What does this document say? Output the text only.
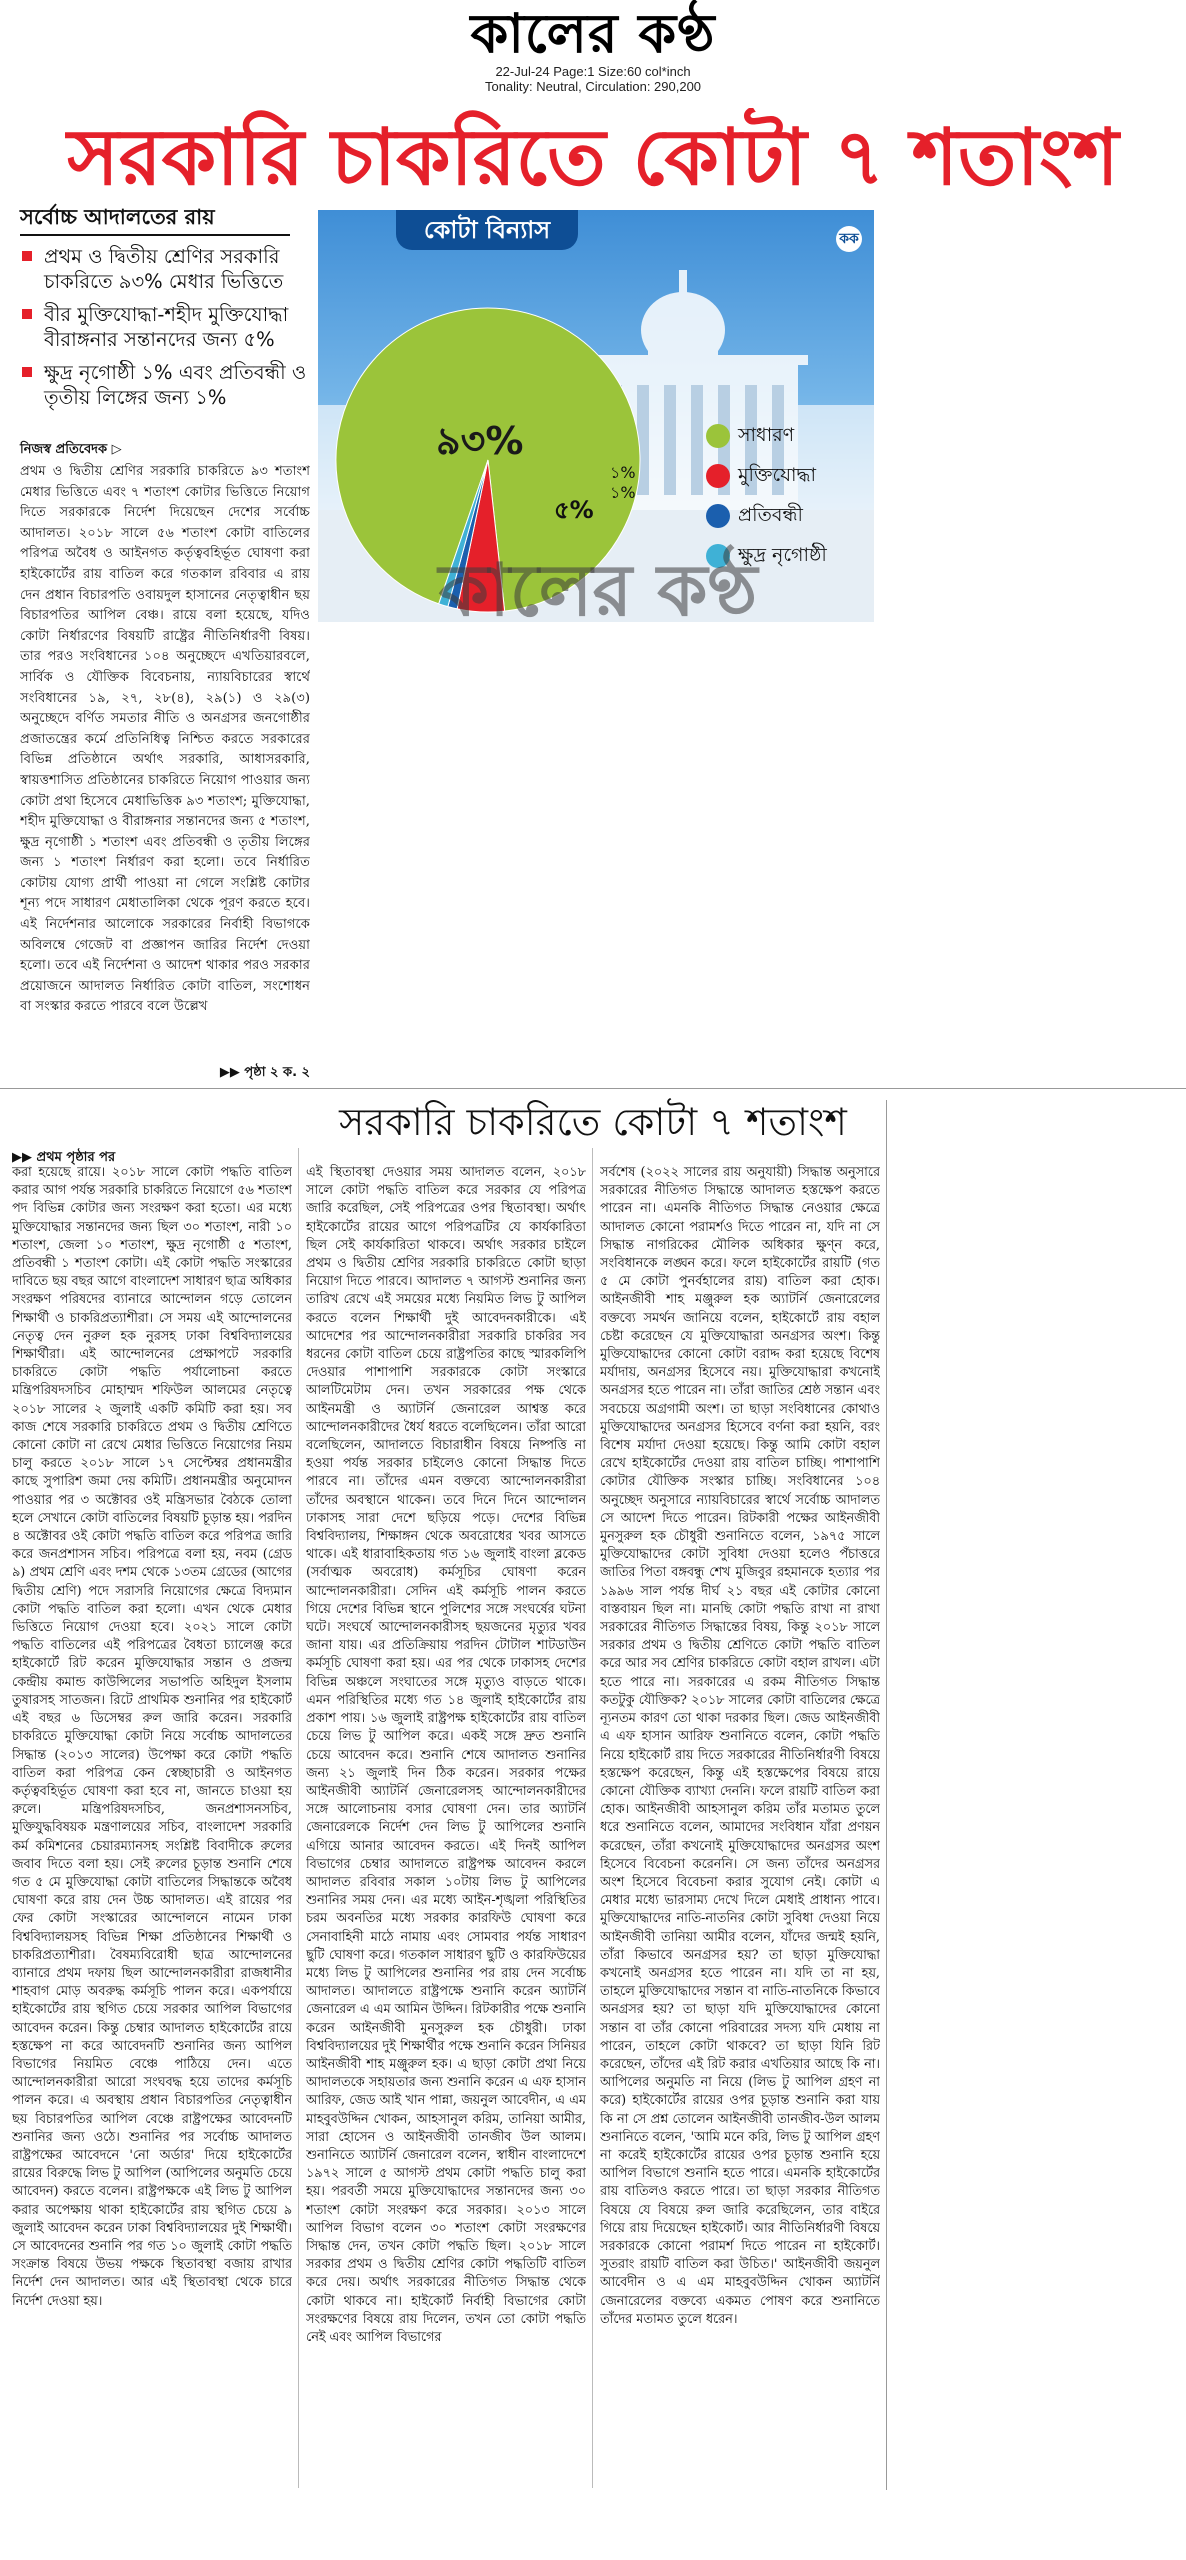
কালের কণ্ঠ
22-Jul-24 Page:1 Size:60 col*inch
Tonality: Neutral, Circulation: 290,200
সরকারি চাকরিতে কোটা ৭ শতাংশ
সর্বোচ্চ আদালতের রায়
প্রথম ও দ্বিতীয় শ্রেণির সরকারি চাকরিতে ৯৩% মেধার ভিত্তিতে
বীর মুক্তিযোদ্ধা-শহীদ মুক্তিযোদ্ধা বীরাঙ্গনার সন্তানদের জন্য ৫%
ক্ষুদ্র নৃগোষ্ঠী ১% এবং প্রতিবন্ধী ও তৃতীয় লিঙ্গের জন্য ১%
নিজস্ব প্রতিবেদক ▷

প্রথম ও দ্বিতীয় শ্রেণির সরকারি চাকরিতে ৯৩ শতাংশ মেধার ভিত্তিতে এবং ৭ শতাংশ কোটার ভিত্তিতে নিয়োগ দিতে সরকারকে নির্দেশ দিয়েছেন দেশের সর্বোচ্চ আদালত। ২০১৮ সালে ৫৬ শতাংশ কোটা বাতিলের পরিপত্র অবৈধ ও আইনগত কর্তৃত্ববহির্ভূত ঘোষণা করা হাইকোর্টের রায় বাতিল করে গতকাল রবিবার এ রায় দেন প্রধান বিচারপতি ওবায়দুল হাসানের নেতৃত্বাধীন ছয় বিচারপতির আপিল বেঞ্চ। রায়ে বলা হয়েছে, যদিও কোটা নির্ধারণের বিষয়টি রাষ্ট্রের নীতিনির্ধারণী বিষয়। তার পরও সংবিধানের ১০৪ অনুচ্ছেদে এখতিয়ারবলে, সার্বিক ও যৌক্তিক বিবেচনায়, ন্যায়বিচারের স্বার্থে সংবিধানের ১৯, ২৭, ২৮(৪), ২৯(১) ও ২৯(৩) অনুচ্ছেদে বর্ণিত সমতার নীতি ও অনগ্রসর জনগোষ্ঠীর প্রজাতন্ত্রের কর্মে প্রতিনিধিত্ব নিশ্চিত করতে সরকারের বিভিন্ন প্রতিষ্ঠানে অর্থাৎ সরকারি, আধাসরকারি, স্বায়ত্তশাসিত প্রতিষ্ঠানের চাকরিতে নিয়োগ পাওয়ার জন্য কোটা প্রথা হিসেবে মেধাভিত্তিক ৯৩ শতাংশ; মুক্তিযোদ্ধা, শহীদ মুক্তিযোদ্ধা ও বীরাঙ্গনার সন্তানদের জন্য ৫ শতাংশ, ক্ষুদ্র নৃগোষ্ঠী ১ শতাংশ এবং প্রতিবন্ধী ও তৃতীয় লিঙ্গের জন্য ১ শতাংশ নির্ধারণ করা হলো। তবে নির্ধারিত কোটায় যোগ্য প্রার্থী পাওয়া না গেলে সংশ্লিষ্ট কোটার শূন্য পদে সাধারণ মেধাতালিকা থেকে পূরণ করতে হবে। এই নির্দেশনার আলোকে সরকারের নির্বাহী বিভাগকে অবিলম্বে গেজেট বা প্রজ্ঞাপন জারির নির্দেশ দেওয়া হলো। তবে এই নির্দেশনা ও আদেশ থাকার পরও সরকার প্রয়োজনে আদালত নির্ধারিত কোটা বাতিল, সংশোধন বা সংস্কার করতে পারবে বলে উল্লেখ

▶▶ পৃষ্ঠা ২ ক. ২
কোটা বিন্যাস	কক
৯৩%
৫%
১%
১%
সাধারণ
মুক্তিযোদ্ধা
প্রতিবন্ধী
ক্ষুদ্র নৃগোষ্ঠী
কালের কণ্ঠ
সরকারি চাকরিতে কোটা ৭ শতাংশ
▶▶ প্রথম পৃষ্ঠার পর

করা হয়েছে রায়ে। ২০১৮ সালে কোটা পদ্ধতি বাতিল করার আগ পর্যন্ত সরকারি চাকরিতে নিয়োগে ৫৬ শতাংশ পদ বিভিন্ন কোটার জন্য সংরক্ষণ করা হতো। এর মধ্যে মুক্তিযোদ্ধার সন্তানদের জন্য ছিল ৩০ শতাংশ, নারী ১০ শতাংশ, জেলা ১০ শতাংশ, ক্ষুদ্র নৃগোষ্ঠী ৫ শতাংশ, প্রতিবন্ধী ১ শতাংশ কোটা। এই কোটা পদ্ধতি সংস্কারের দাবিতে ছয় বছর আগে বাংলাদেশ সাধারণ ছাত্র অধিকার সংরক্ষণ পরিষদের ব্যানারে আন্দোলন গড়ে তোলেন শিক্ষার্থী ও চাকরিপ্রত্যাশীরা। সে সময় এই আন্দোলনের নেতৃত্ব দেন নুরুল হক নুরসহ ঢাকা বিশ্ববিদ্যালয়ের শিক্ষার্থীরা। এই আন্দোলনের প্রেক্ষাপটে সরকারি চাকরিতে কোটা পদ্ধতি পর্যালোচনা করতে মন্ত্রিপরিষদসচিব মোহাম্মদ শফিউল আলমের নেতৃত্বে ২০১৮ সালের ২ জুলাই একটি কমিটি করা হয়। সব কাজ শেষে সরকারি চাকরিতে প্রথম ও দ্বিতীয় শ্রেণিতে কোনো কোটা না রেখে মেধার ভিত্তিতে নিয়োগের নিয়ম চালু করতে ২০১৮ সালে ১৭ সেপ্টেম্বর প্রধানমন্ত্রীর কাছে সুপারিশ জমা দেয় কমিটি। প্রধানমন্ত্রীর অনুমোদন পাওয়ার পর ৩ অক্টোবর ওই মন্ত্রিসভার বৈঠকে তোলা হলে সেখানে কোটা বাতিলের বিষয়টি চূড়ান্ত হয়। পরদিন ৪ অক্টোবর ওই কোটা পদ্ধতি বাতিল করে পরিপত্র জারি করে জনপ্রশাসন সচিব। পরিপত্রে বলা হয়, নবম (গ্রেড ৯) প্রথম শ্রেণি এবং দশম থেকে ১৩তম গ্রেডের (আগের দ্বিতীয় শ্রেণি) পদে সরাসরি নিয়োগের ক্ষেত্রে বিদ্যমান কোটা পদ্ধতি বাতিল করা হলো। এখন থেকে মেধার ভিত্তিতে নিয়োগ দেওয়া হবে। ২০২১ সালে কোটা পদ্ধতি বাতিলের এই পরিপত্রের বৈধতা চ্যালেঞ্জ করে হাইকোর্টে রিট করেন মুক্তিযোদ্ধার সন্তান ও প্রজন্ম কেন্দ্রীয় কমান্ড কাউন্সিলের সভাপতি অহিদুল ইসলাম তুষারসহ সাতজন। রিটে প্রাথমিক শুনানির পর হাইকোর্ট এই বছর ৬ ডিসেম্বর রুল জারি করেন। সরকারি চাকরিতে মুক্তিযোদ্ধা কোটা নিয়ে সর্বোচ্চ আদালতের সিদ্ধান্ত (২০১৩ সালের) উপেক্ষা করে কোটা পদ্ধতি বাতিল করা পরিপত্র কেন স্বেচ্ছাচারী ও আইনগত কর্তৃত্ববহির্ভূত ঘোষণা করা হবে না, জানতে চাওয়া হয় রুলে। মন্ত্রিপরিষদসচিব, জনপ্রশাসনসচিব, মুক্তিযুদ্ধবিষয়ক মন্ত্রণালয়ের সচিব, বাংলাদেশ সরকারি কর্ম কমিশনের চেয়ারম্যানসহ সংশ্লিষ্ট বিবাদীকে রুলের জবাব দিতে বলা হয়। সেই রুলের চূড়ান্ত শুনানি শেষে গত ৫ মে মুক্তিযোদ্ধা কোটা বাতিলের সিদ্ধান্তকে অবৈধ ঘোষণা করে রায় দেন উচ্চ আদালত। এই রায়ের পর ফের কোটা সংস্কারের আন্দোলনে নামেন ঢাকা বিশ্ববিদ্যালয়সহ বিভিন্ন শিক্ষা প্রতিষ্ঠানের শিক্ষার্থী ও চাকরিপ্রত্যাশীরা। বৈষম্যবিরোধী ছাত্র আন্দোলনের ব্যানারে প্রথম দফায় ছিল আন্দোলনকারীরা রাজধানীর শাহবাগ মোড় অবরুদ্ধ কর্মসূচি পালন করে। একপর্যায়ে হাইকোর্টের রায় স্থগিত চেয়ে সরকার আপিল বিভাগের আবেদন করেন। কিন্তু চেম্বার আদালত হাইকোর্টের রায়ে হস্তক্ষেপ না করে আবেদনটি শুনানির জন্য আপিল বিভাগের নিয়মিত বেঞ্চে পাঠিয়ে দেন। এতে আন্দোলনকারীরা আরো সংঘবদ্ধ হয়ে তাদের কর্মসূচি পালন করে। এ অবস্থায় প্রধান বিচারপতির নেতৃত্বাধীন ছয় বিচারপতির আপিল বেঞ্চে রাষ্ট্রপক্ষের আবেদনটি শুনানির জন্য ওঠে। শুনানির পর সর্বোচ্চ আদালত রাষ্ট্রপক্ষের আবেদনে 'নো অর্ডার' দিয়ে হাইকোর্টের রায়ের বিরুদ্ধে লিভ টু আপিল (আপিলের অনুমতি চেয়ে আবেদন) করতে বলেন। রাষ্ট্রপক্ষকে এই লিভ টু আপিল করার অপেক্ষায় থাকা হাইকোর্টের রায় স্থগিত চেয়ে ৯ জুলাই আবেদন করেন ঢাকা বিশ্ববিদ্যালয়ের দুই শিক্ষার্থী। সে আবেদনের শুনানি পর গত ১০ জুলাই কোটা পদ্ধতি সংক্রান্ত বিষয়ে উভয় পক্ষকে স্থিতাবস্থা বজায় রাখার নির্দেশ দেন আদালত। আর এই স্থিতাবস্থা থেকে চারে নির্দেশ দেওয়া হয়।

এই স্থিতাবস্থা দেওয়ার সময় আদালত বলেন, ২০১৮ সালে কোটা পদ্ধতি বাতিল করে সরকার যে পরিপত্র জারি করেছিল, সেই পরিপত্রের ওপর স্থিতাবস্থা। অর্থাৎ হাইকোর্টের রায়ের আগে পরিপত্রটির যে কার্যকারিতা ছিল সেই কার্যকারিতা থাকবে। অর্থাৎ সরকার চাইলে প্রথম ও দ্বিতীয় শ্রেণির সরকারি চাকরিতে কোটা ছাড়া নিয়োগ দিতে পারবে। আদালত ৭ আগস্ট শুনানির জন্য তারিখ রেখে এই সময়ের মধ্যে নিয়মিত লিভ টু আপিল করতে বলেন শিক্ষার্থী দুই আবেদনকারীকে। এই আদেশের পর আন্দোলনকারীরা সরকারি চাকরির সব ধরনের কোটা বাতিল চেয়ে রাষ্ট্রপতির কাছে স্মারকলিপি দেওয়ার পাশাপাশি সরকারকে কোটা সংস্কারে আলটিমেটাম দেন। তখন সরকারের পক্ষ থেকে আইনমন্ত্রী ও অ্যাটর্নি জেনারেল আশ্বস্ত করে আন্দোলনকারীদের ধৈর্য ধরতে বলেছিলেন। তাঁরা আরো বলেছিলেন, আদালতে বিচারাধীন বিষয়ে নিষ্পত্তি না হওয়া পর্যন্ত সরকার চাইলেও কোনো সিদ্ধান্ত দিতে পারবে না। তাঁদের এমন বক্তব্যে আন্দোলনকারীরা তাঁদের অবস্থানে থাকেন। তবে দিনে দিনে আন্দোলন ঢাকাসহ সারা দেশে ছড়িয়ে পড়ে। দেশের বিভিন্ন বিশ্ববিদ্যালয়, শিক্ষাঙ্গন থেকে অবরোধের খবর আসতে থাকে। এই ধারাবাহিকতায় গত ১৬ জুলাই বাংলা ব্লকেড (সর্বাত্মক অবরোধ) কর্মসূচির ঘোষণা করেন আন্দোলনকারীরা। সেদিন এই কর্মসূচি পালন করতে গিয়ে দেশের বিভিন্ন স্থানে পুলিশের সঙ্গে সংঘর্ষের ঘটনা ঘটে। সংঘর্ষে আন্দোলনকারীসহ ছয়জনের মৃত্যুর খবর জানা যায়। এর প্রতিক্রিয়ায় পরদিন টোটাল শাটডাউন কর্মসূচি ঘোষণা করা হয়। এর পর থেকে ঢাকাসহ দেশের বিভিন্ন অঞ্চলে সংঘাতের সঙ্গে মৃত্যুও বাড়তে থাকে। এমন পরিস্থিতির মধ্যে গত ১৪ জুলাই হাইকোর্টের রায় প্রকাশ পায়। ১৬ জুলাই রাষ্ট্রপক্ষ হাইকোর্টের রায় বাতিল চেয়ে লিভ টু আপিল করে। একই সঙ্গে দ্রুত শুনানি চেয়ে আবেদন করে। শুনানি শেষে আদালত শুনানির জন্য ২১ জুলাই দিন ঠিক করেন। সরকার পক্ষের আইনজীবী অ্যাটর্নি জেনারেলসহ আন্দোলনকারীদের সঙ্গে আলোচনায় বসার ঘোষণা দেন। তার অ্যাটর্নি জেনারেলকে নির্দেশ দেন লিভ টু আপিলের শুনানি এগিয়ে আনার আবেদন করতে। এই দিনই আপিল বিভাগের চেম্বার আদালতে রাষ্ট্রপক্ষ আবেদন করলে আদালত রবিবার সকাল ১০টায় লিভ টু আপিলের শুনানির সময় দেন। এর মধ্যে আইন-শৃঙ্খলা পরিস্থিতির চরম অবনতির মধ্যে সরকার কারফিউ ঘোষণা করে সেনাবাহিনী মাঠে নামায় এবং সোমবার পর্যন্ত সাধারণ ছুটি ঘোষণা করে। গতকাল সাধারণ ছুটি ও কারফিউয়ের মধ্যে লিভ টু আপিলের শুনানির পর রায় দেন সর্বোচ্চ আদালত। আদালতে রাষ্ট্রপক্ষে শুনানি করেন অ্যাটর্নি জেনারেল এ এম আমিন উদ্দিন। রিটকারীর পক্ষে শুনানি করেন আইনজীবী মুনসুরুল হক চৌধুরী। ঢাকা বিশ্ববিদ্যালয়ের দুই শিক্ষার্থীর পক্ষে শুনানি করেন সিনিয়র আইনজীবী শাহ মঞ্জুরুল হক। এ ছাড়া কোটা প্রথা নিয়ে আদালতকে সহায়তার জন্য শুনানি করেন এ এফ হাসান আরিফ, জেড আই খান পান্না, জয়নুল আবেদীন, এ এম মাহবুবউদ্দিন খোকন, আহসানুল করিম, তানিয়া আমীর, সারা হোসেন ও আইনজীবী তানজীব উল আলম। শুনানিতে অ্যাটর্নি জেনারেল বলেন, স্বাধীন বাংলাদেশে ১৯৭২ সালে ৫ আগস্ট প্রথম কোটা পদ্ধতি চালু করা হয়। পরবর্তী সময়ে মুক্তিযোদ্ধাদের সন্তানদের জন্য ৩০ শতাংশ কোটা সংরক্ষণ করে সরকার। ২০১৩ সালে আপিল বিভাগ বলেন ৩০ শতাংশ কোটা সংরক্ষণের সিদ্ধান্ত দেন, তখন কোটা পদ্ধতি ছিল। ২০১৮ সালে সরকার প্রথম ও দ্বিতীয় শ্রেণির কোটা পদ্ধতিটি বাতিল করে দেয়। অর্থাৎ সরকারের নীতিগত সিদ্ধান্ত থেকে কোটা থাকবে না। হাইকোর্ট নির্বাহী বিভাগের কোটা সংরক্ষণের বিষয়ে রায় দিলেন, তখন তো কোটা পদ্ধতি নেই এবং আপিল বিভাগের

সর্বশেষ (২০২২ সালের রায় অনুযায়ী) সিদ্ধান্ত অনুসারে সরকারের নীতিগত সিদ্ধান্তে আদালত হস্তক্ষেপ করতে পারেন না। এমনকি নীতিগত সিদ্ধান্ত নেওয়ার ক্ষেত্রে আদালত কোনো পরামর্শও দিতে পারেন না, যদি না সে সিদ্ধান্ত নাগরিকের মৌলিক অধিকার ক্ষুণ্ন করে, সংবিধানকে লঙ্ঘন করে। ফলে হাইকোর্টের রায়টি (গত ৫ মে কোটা পুনর্বহালের রায়) বাতিল করা হোক। আইনজীবী শাহ মঞ্জুরুল হক অ্যাটর্নি জেনারেলের বক্তব্যে সমর্থন জানিয়ে বলেন, হাইকোর্টে রায় বহাল চেষ্টা করেছেন যে মুক্তিযোদ্ধারা অনগ্রসর অংশ। কিন্তু মুক্তিযোদ্ধাদের কোনো কোটা বরাদ্দ করা হয়েছে বিশেষ মর্যাদায়, অনগ্রসর হিসেবে নয়। মুক্তিযোদ্ধারা কখনোই অনগ্রসর হতে পারেন না। তাঁরা জাতির শ্রেষ্ঠ সন্তান এবং সবচেয়ে অগ্রগামী অংশ। তা ছাড়া সংবিধানের কোথাও মুক্তিযোদ্ধাদের অনগ্রসর হিসেবে বর্ণনা করা হয়নি, বরং বিশেষ মর্যাদা দেওয়া হয়েছে। কিন্তু আমি কোটা বহাল রেখে হাইকোর্টের দেওয়া রায় বাতিল চাচ্ছি। পাশাপাশি কোটার যৌক্তিক সংস্কার চাচ্ছি। সংবিধানের ১০৪ অনুচ্ছেদ অনুসারে ন্যায়বিচারের স্বার্থে সর্বোচ্চ আদালত সে আদেশ দিতে পারেন। রিটকারী পক্ষের আইনজীবী মুনসুরুল হক চৌধুরী শুনানিতে বলেন, ১৯৭৫ সালে মুক্তিযোদ্ধাদের কোটা সুবিধা দেওয়া হলেও পঁচাত্তরে জাতির পিতা বঙ্গবন্ধু শেখ মুজিবুর রহমানকে হত্যার পর ১৯৯৬ সাল পর্যন্ত দীর্ঘ ২১ বছর এই কোটার কোনো বাস্তবায়ন ছিল না। মানছি কোটা পদ্ধতি রাখা না রাখা সরকারের নীতিগত সিদ্ধান্তের বিষয়, কিন্তু ২০১৮ সালে সরকার প্রথম ও দ্বিতীয় শ্রেণিতে কোটা পদ্ধতি বাতিল করে আর সব শ্রেণির চাকরিতে কোটা বহাল রাখল। এটা হতে পারে না। সরকারের এ রকম নীতিগত সিদ্ধান্ত কতটুকু যৌক্তিক? ২০১৮ সালের কোটা বাতিলের ক্ষেত্রে ন্যূনতম কারণ তো থাকা দরকার ছিল। জেড আইনজীবী এ এফ হাসান আরিফ শুনানিতে বলেন, কোটা পদ্ধতি নিয়ে হাইকোর্ট রায় দিতে সরকারের নীতিনির্ধারণী বিষয়ে হস্তক্ষেপ করেছেন, কিন্তু এই হস্তক্ষেপের বিষয়ে রায়ে কোনো যৌক্তিক ব্যাখ্যা দেননি। ফলে রায়টি বাতিল করা হোক। আইনজীবী আহসানুল করিম তাঁর মতামত তুলে ধরে শুনানিতে বলেন, আমাদের সংবিধান যাঁরা প্রণয়ন করেছেন, তাঁরা কখনোই মুক্তিযোদ্ধাদের অনগ্রসর অংশ হিসেবে বিবেচনা করেননি। সে জন্য তাঁদের অনগ্রসর অংশ হিসেবে বিবেচনা করার সুযোগ নেই। কোটা এ মেধার মধ্যে ভারসাম্য দেখে দিলে মেধাই প্রাধান্য পাবে। মুক্তিযোদ্ধাদের নাতি-নাতনির কোটা সুবিধা দেওয়া নিয়ে আইনজীবী তানিয়া আমীর বলেন, যাঁদের জন্মই হয়নি, তাঁরা কিভাবে অনগ্রসর হয়? তা ছাড়া মুক্তিযোদ্ধা কখনোই অনগ্রসর হতে পারেন না। যদি তা না হয়, তাহলে মুক্তিযোদ্ধাদের সন্তান বা নাতি-নাতনিকে কিভাবে অনগ্রসর হয়? তা ছাড়া যদি মুক্তিযোদ্ধাদের কোনো সন্তান বা তাঁর কোনো পরিবারের সদস্য যদি মেধায় না পারেন, তাহলে কোটা থাকবে? তা ছাড়া যিনি রিট করেছেন, তাঁদের এই রিট করার এখতিয়ার আছে কি না। আপিলের অনুমতি না নিয়ে (লিভ টু আপিল গ্রহণ না করে) হাইকোর্টের রায়ের ওপর চূড়ান্ত শুনানি করা যায় কি না সে প্রশ্ন তোলেন আইনজীবী তানজীব-উল আলম শুনানিতে বলেন, 'আমি মনে করি, লিভ টু আপিল গ্রহণ না করেই হাইকোর্টের রায়ের ওপর চূড়ান্ত শুনানি হয়ে আপিল বিভাগে শুনানি হতে পারে। এমনকি হাইকোর্টের রায় বাতিলও করতে পারে। তা ছাড়া সরকার নীতিগত বিষয়ে যে বিষয়ে রুল জারি করেছিলেন, তার বাইরে গিয়ে রায় দিয়েছেন হাইকোর্ট। আর নীতিনির্ধারণী বিষয়ে সরকারকে কোনো পরামর্শ দিতে পারেন না হাইকোর্ট। সুতরাং রায়টি বাতিল করা উচিত।' আইনজীবী জয়নুল আবেদীন ও এ এম মাহবুবউদ্দিন খোকন অ্যাটর্নি জেনারেলের বক্তব্যে একমত পোষণ করে শুনানিতে তাঁদের মতামত তুলে ধরেন।
